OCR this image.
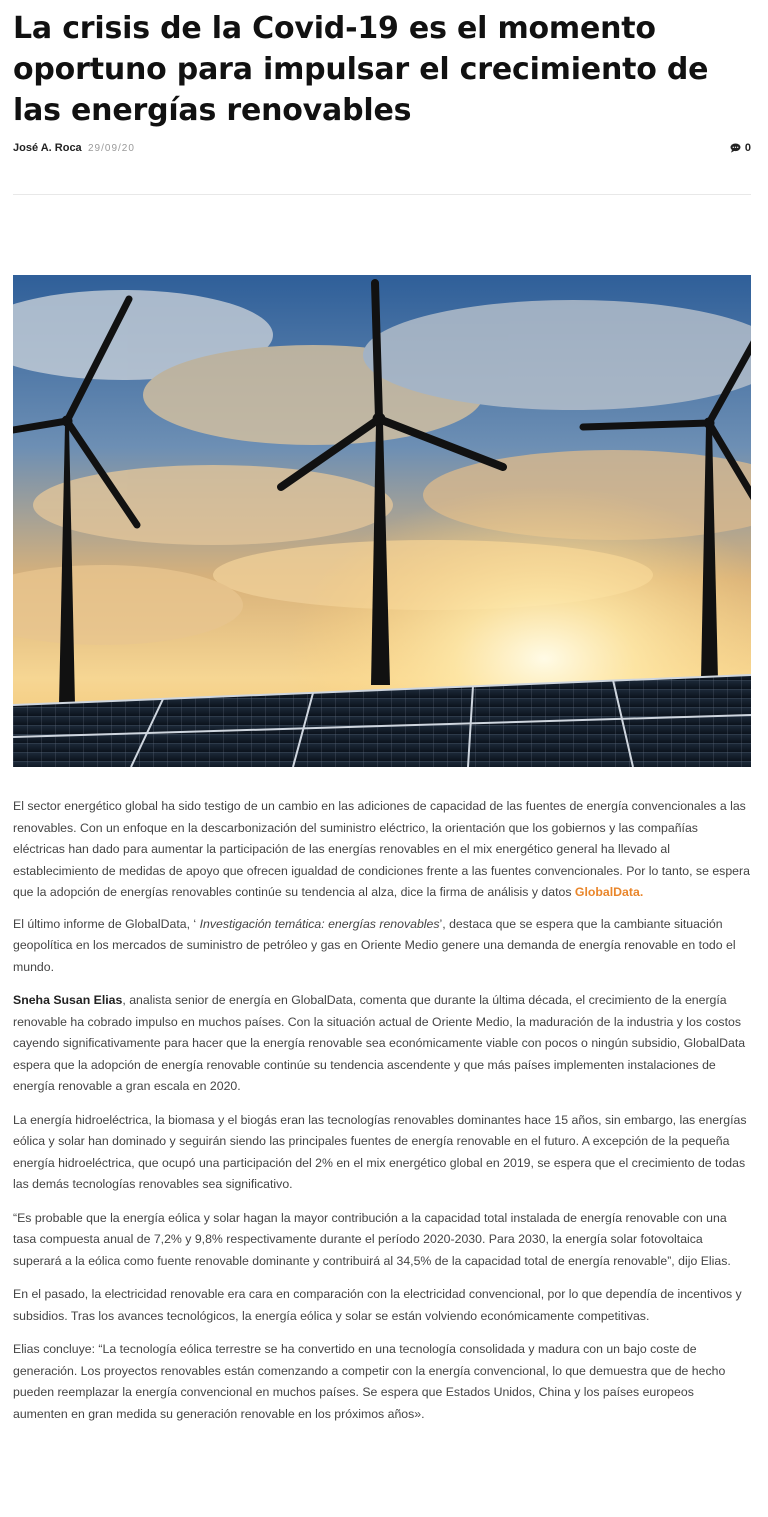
La crisis de la Covid-19 es el momento oportuno para impulsar el crecimiento de las energías renovables
José A. Roca 29/09/20	0

El sector energético global ha sido testigo de un cambio en las adiciones de capacidad de las fuentes de energía convencionales a las renovables. Con un enfoque en la descarbonización del suministro eléctrico, la orientación que los gobiernos y las compañías eléctricas han dado para aumentar la participación de las energías renovables en el mix energético general ha llevado al establecimiento de medidas de apoyo que ofrecen igualdad de condiciones frente a las fuentes convencionales. Por lo tanto, se espera que la adopción de energías renovables continúe su tendencia al alza, dice la firma de análisis y datos GlobalData.

El último informe de GlobalData, ‘ Investigación temática: energías renovables’, destaca que se espera que la cambiante situación geopolítica en los mercados de suministro de petróleo y gas en Oriente Medio genere una demanda de energía renovable en todo el mundo.

Sneha Susan Elias, analista senior de energía en GlobalData, comenta que durante la última década, el crecimiento de la energía renovable ha cobrado impulso en muchos países. Con la situación actual de Oriente Medio, la maduración de la industria y los costos cayendo significativamente para hacer que la energía renovable sea económicamente viable con pocos o ningún subsidio, GlobalData espera que la adopción de energía renovable continúe su tendencia ascendente y que más países implementen instalaciones de energía renovable a gran escala en 2020.

La energía hidroeléctrica, la biomasa y el biogás eran las tecnologías renovables dominantes hace 15 años, sin embargo, las energías eólica y solar han dominado y seguirán siendo las principales fuentes de energía renovable en el futuro. A excepción de la pequeña energía hidroeléctrica, que ocupó una participación del 2% en el mix energético global en 2019, se espera que el crecimiento de todas las demás tecnologías renovables sea significativo.

“Es probable que la energía eólica y solar hagan la mayor contribución a la capacidad total instalada de energía renovable con una tasa compuesta anual de 7,2% y 9,8% respectivamente durante el período 2020-2030. Para 2030, la energía solar fotovoltaica superará a la eólica como fuente renovable dominante y contribuirá al 34,5% de la capacidad total de energía renovable”, dijo Elias.

En el pasado, la electricidad renovable era cara en comparación con la electricidad convencional, por lo que dependía de incentivos y subsidios. Tras los avances tecnológicos, la energía eólica y solar se están volviendo económicamente competitivas.

Elias concluye: “La tecnología eólica terrestre se ha convertido en una tecnología consolidada y madura con un bajo coste de generación. Los proyectos renovables están comenzando a competir con la energía convencional, lo que demuestra que de hecho pueden reemplazar la energía convencional en muchos países. Se espera que Estados Unidos, China y los países europeos aumenten en gran medida su generación renovable en los próximos años».
